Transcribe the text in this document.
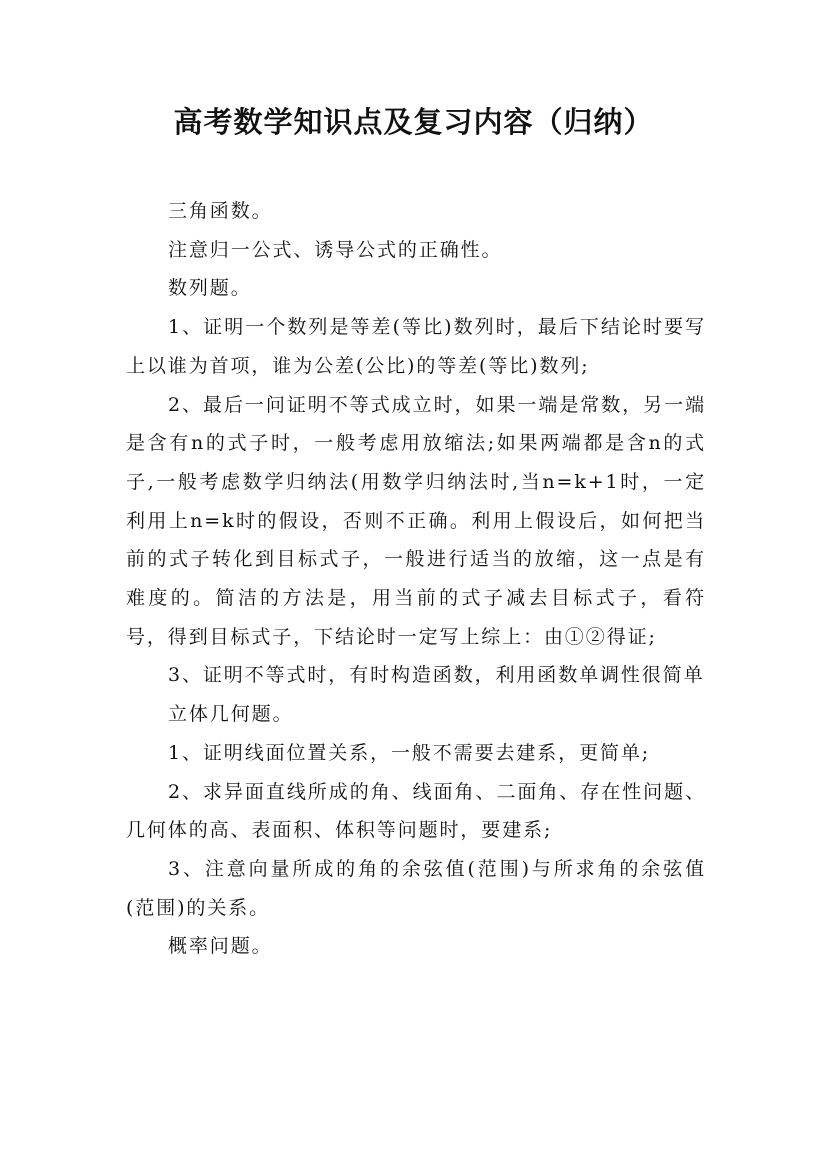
高考数学知识点及复习内容（归纳）

三角函数。

注意归一公式、诱导公式的正确性。

数列题。

1、证明一个数列是等差(等比)数列时，最后下结论时要写上以谁为首项，谁为公差(公比)的等差(等比)数列;

2、最后一问证明不等式成立时，如果一端是常数，另一端是含有n的式子时，一般考虑用放缩法;如果两端都是含n的式子,一般考虑数学归纳法(用数学归纳法时,当n=k+1时，一定利用上n=k时的假设，否则不正确。利用上假设后，如何把当前的式子转化到目标式子，一般进行适当的放缩，这一点是有难度的。简洁的方法是，用当前的式子减去目标式子，看符号，得到目标式子，下结论时一定写上综上：由①②得证;

3、证明不等式时，有时构造函数，利用函数单调性很简单

立体几何题。

1、证明线面位置关系，一般不需要去建系，更简单;

2、求异面直线所成的角、线面角、二面角、存在性问题、几何体的高、表面积、体积等问题时，要建系;

3、注意向量所成的角的余弦值(范围)与所求角的余弦值(范围)的关系。

概率问题。
